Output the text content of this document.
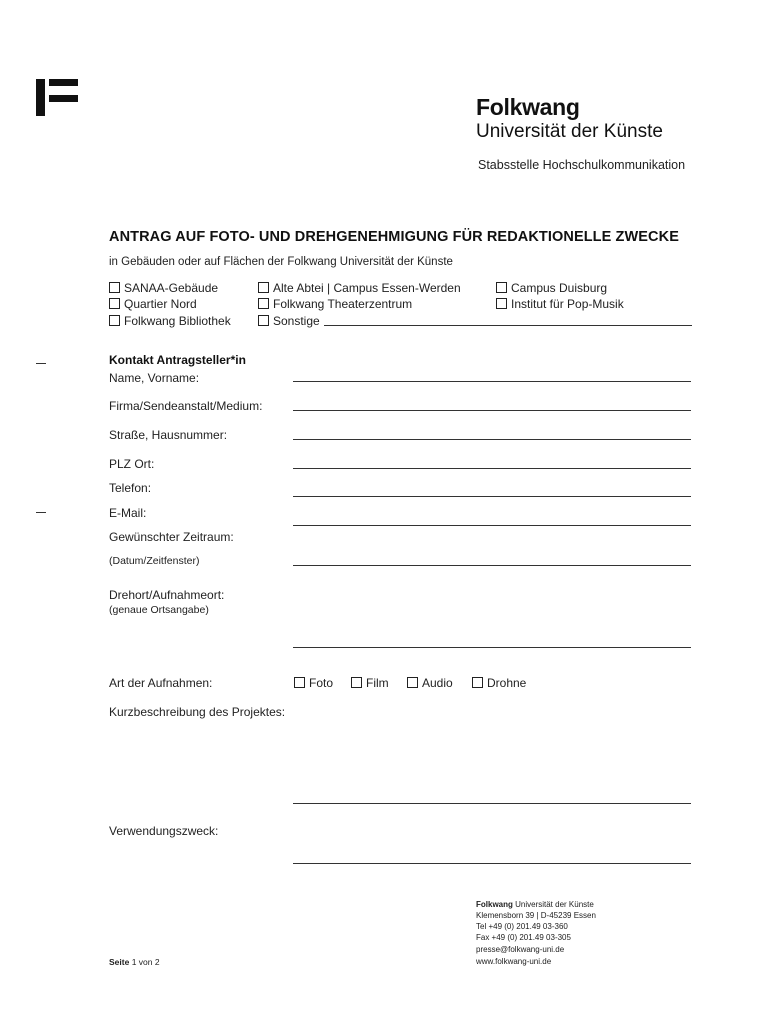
Folkwang
Universität der Künste
Stabsstelle Hochschulkommunikation
ANTRAG AUF FOTO- UND DREHGENEHMIGUNG FÜR REDAKTIONELLE ZWECKE
in Gebäuden oder auf Flächen der Folkwang Universität der Künste
SANAA-Gebäude	Alte Abtei | Campus Essen-Werden	Campus Duisburg
Quartier Nord	Folkwang Theaterzentrum	Institut für Pop-Musik
Folkwang Bibliothek	Sonstige
Kontakt Antragsteller*in
Name, Vorname:
Firma/Sendeanstalt/Medium:
Straße, Hausnummer:
PLZ Ort:
Telefon:
E-Mail:
Gewünschter Zeitraum:
(Datum/Zeitfenster)
Drehort/Aufnahmeort:
(genaue Ortsangabe)
Art der Aufnahmen:	Foto	Film	Audio	Drohne
Kurzbeschreibung des Projektes:
Verwendungszweck:
Folkwang Universität der Künste
Klemensborn 39 | D-45239 Essen
Tel +49 (0) 201.49 03-360
Fax +49 (0) 201.49 03-305
presse@folkwang-uni.de
www.folkwang-uni.de
Seite 1 von 2
